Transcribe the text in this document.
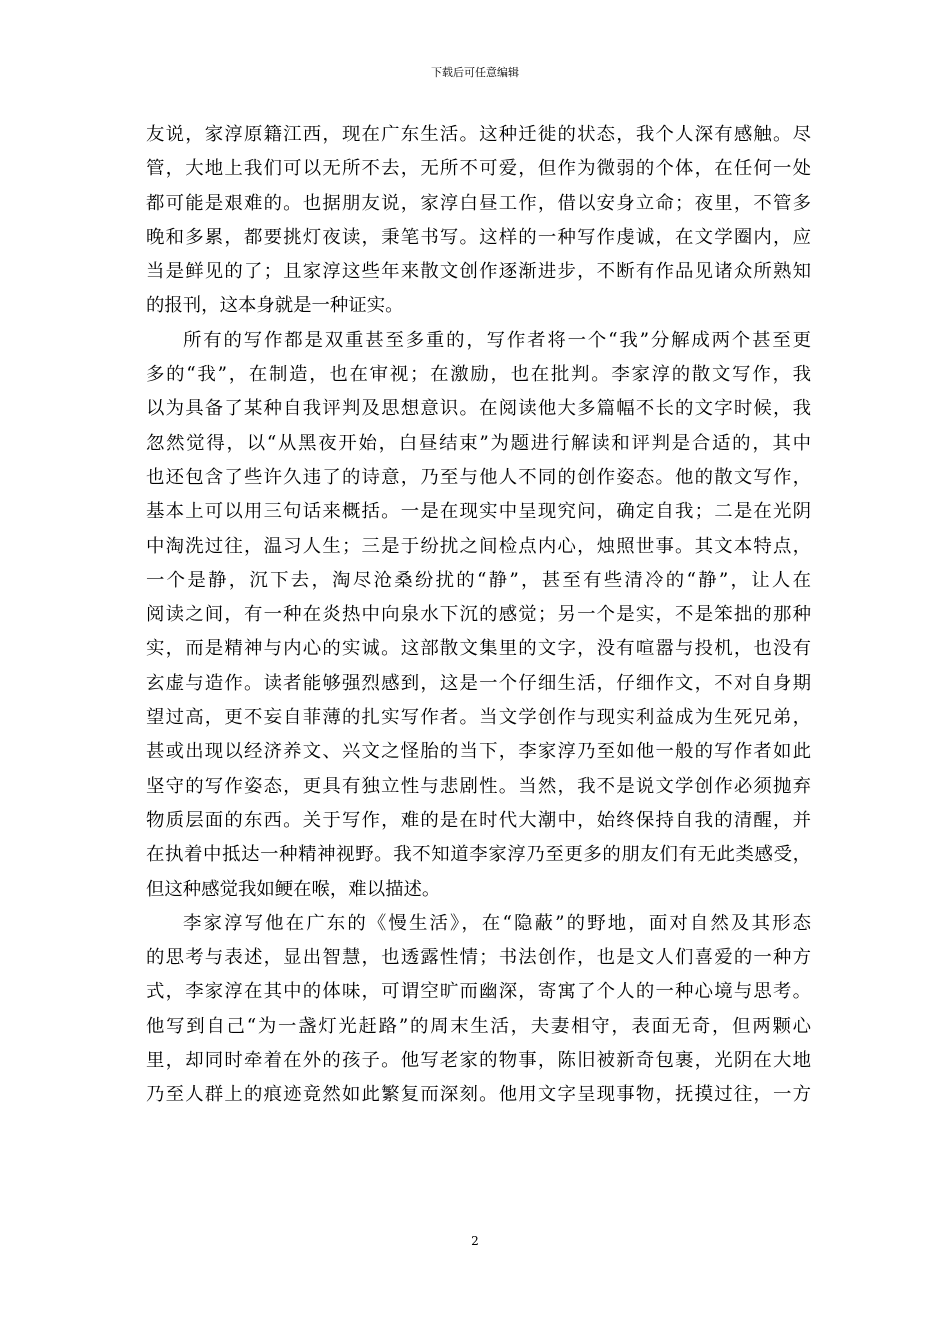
下载后可任意编辑
友说，家淳原籍江西，现在广东生活。这种迁徙的状态，我个人深有感触。尽
管，大地上我们可以无所不去，无所不可爱，但作为微弱的个体，在任何一处
都可能是艰难的。也据朋友说，家淳白昼工作，借以安身立命；夜里，不管多
晚和多累，都要挑灯夜读，秉笔书写。这样的一种写作虔诚，在文学圈内，应
当是鲜见的了；且家淳这些年来散文创作逐渐进步，不断有作品见诸众所熟知
的报刊，这本身就是一种证实。
所有的写作都是双重甚至多重的，写作者将一个“我”分解成两个甚至更
多的“我”，在制造，也在审视；在激励，也在批判。李家淳的散文写作，我
以为具备了某种自我评判及思想意识。在阅读他大多篇幅不长的文字时候，我
忽然觉得，以“从黑夜开始，白昼结束”为题进行解读和评判是合适的，其中
也还包含了些许久违了的诗意，乃至与他人不同的创作姿态。他的散文写作，
基本上可以用三句话来概括。一是在现实中呈现究问，确定自我；二是在光阴
中淘洗过往，温习人生；三是于纷扰之间检点内心，烛照世事。其文本特点，
一个是静，沉下去，淘尽沧桑纷扰的“静”，甚至有些清冷的“静”，让人在
阅读之间，有一种在炎热中向泉水下沉的感觉；另一个是实，不是笨拙的那种
实，而是精神与内心的实诚。这部散文集里的文字，没有喧嚣与投机，也没有
玄虚与造作。读者能够强烈感到，这是一个仔细生活，仔细作文，不对自身期
望过高，更不妄自菲薄的扎实写作者。当文学创作与现实利益成为生死兄弟，
甚或出现以经济养文、兴文之怪胎的当下，李家淳乃至如他一般的写作者如此
坚守的写作姿态，更具有独立性与悲剧性。当然，我不是说文学创作必须抛弃
物质层面的东西。关于写作，难的是在时代大潮中，始终保持自我的清醒，并
在执着中抵达一种精神视野。我不知道李家淳乃至更多的朋友们有无此类感受，
但这种感觉我如鲠在喉，难以描述。
李家淳写他在广东的《慢生活》，在“隐蔽”的野地，面对自然及其形态
的思考与表述，显出智慧，也透露性情；书法创作，也是文人们喜爱的一种方
式，李家淳在其中的体味，可谓空旷而幽深，寄寓了个人的一种心境与思考。
他写到自己“为一盏灯光赶路”的周末生活，夫妻相守，表面无奇，但两颗心
里，却同时牵着在外的孩子。他写老家的物事，陈旧被新奇包裹，光阴在大地
乃至人群上的痕迹竟然如此繁复而深刻。他用文字呈现事物，抚摸过往，一方
2
